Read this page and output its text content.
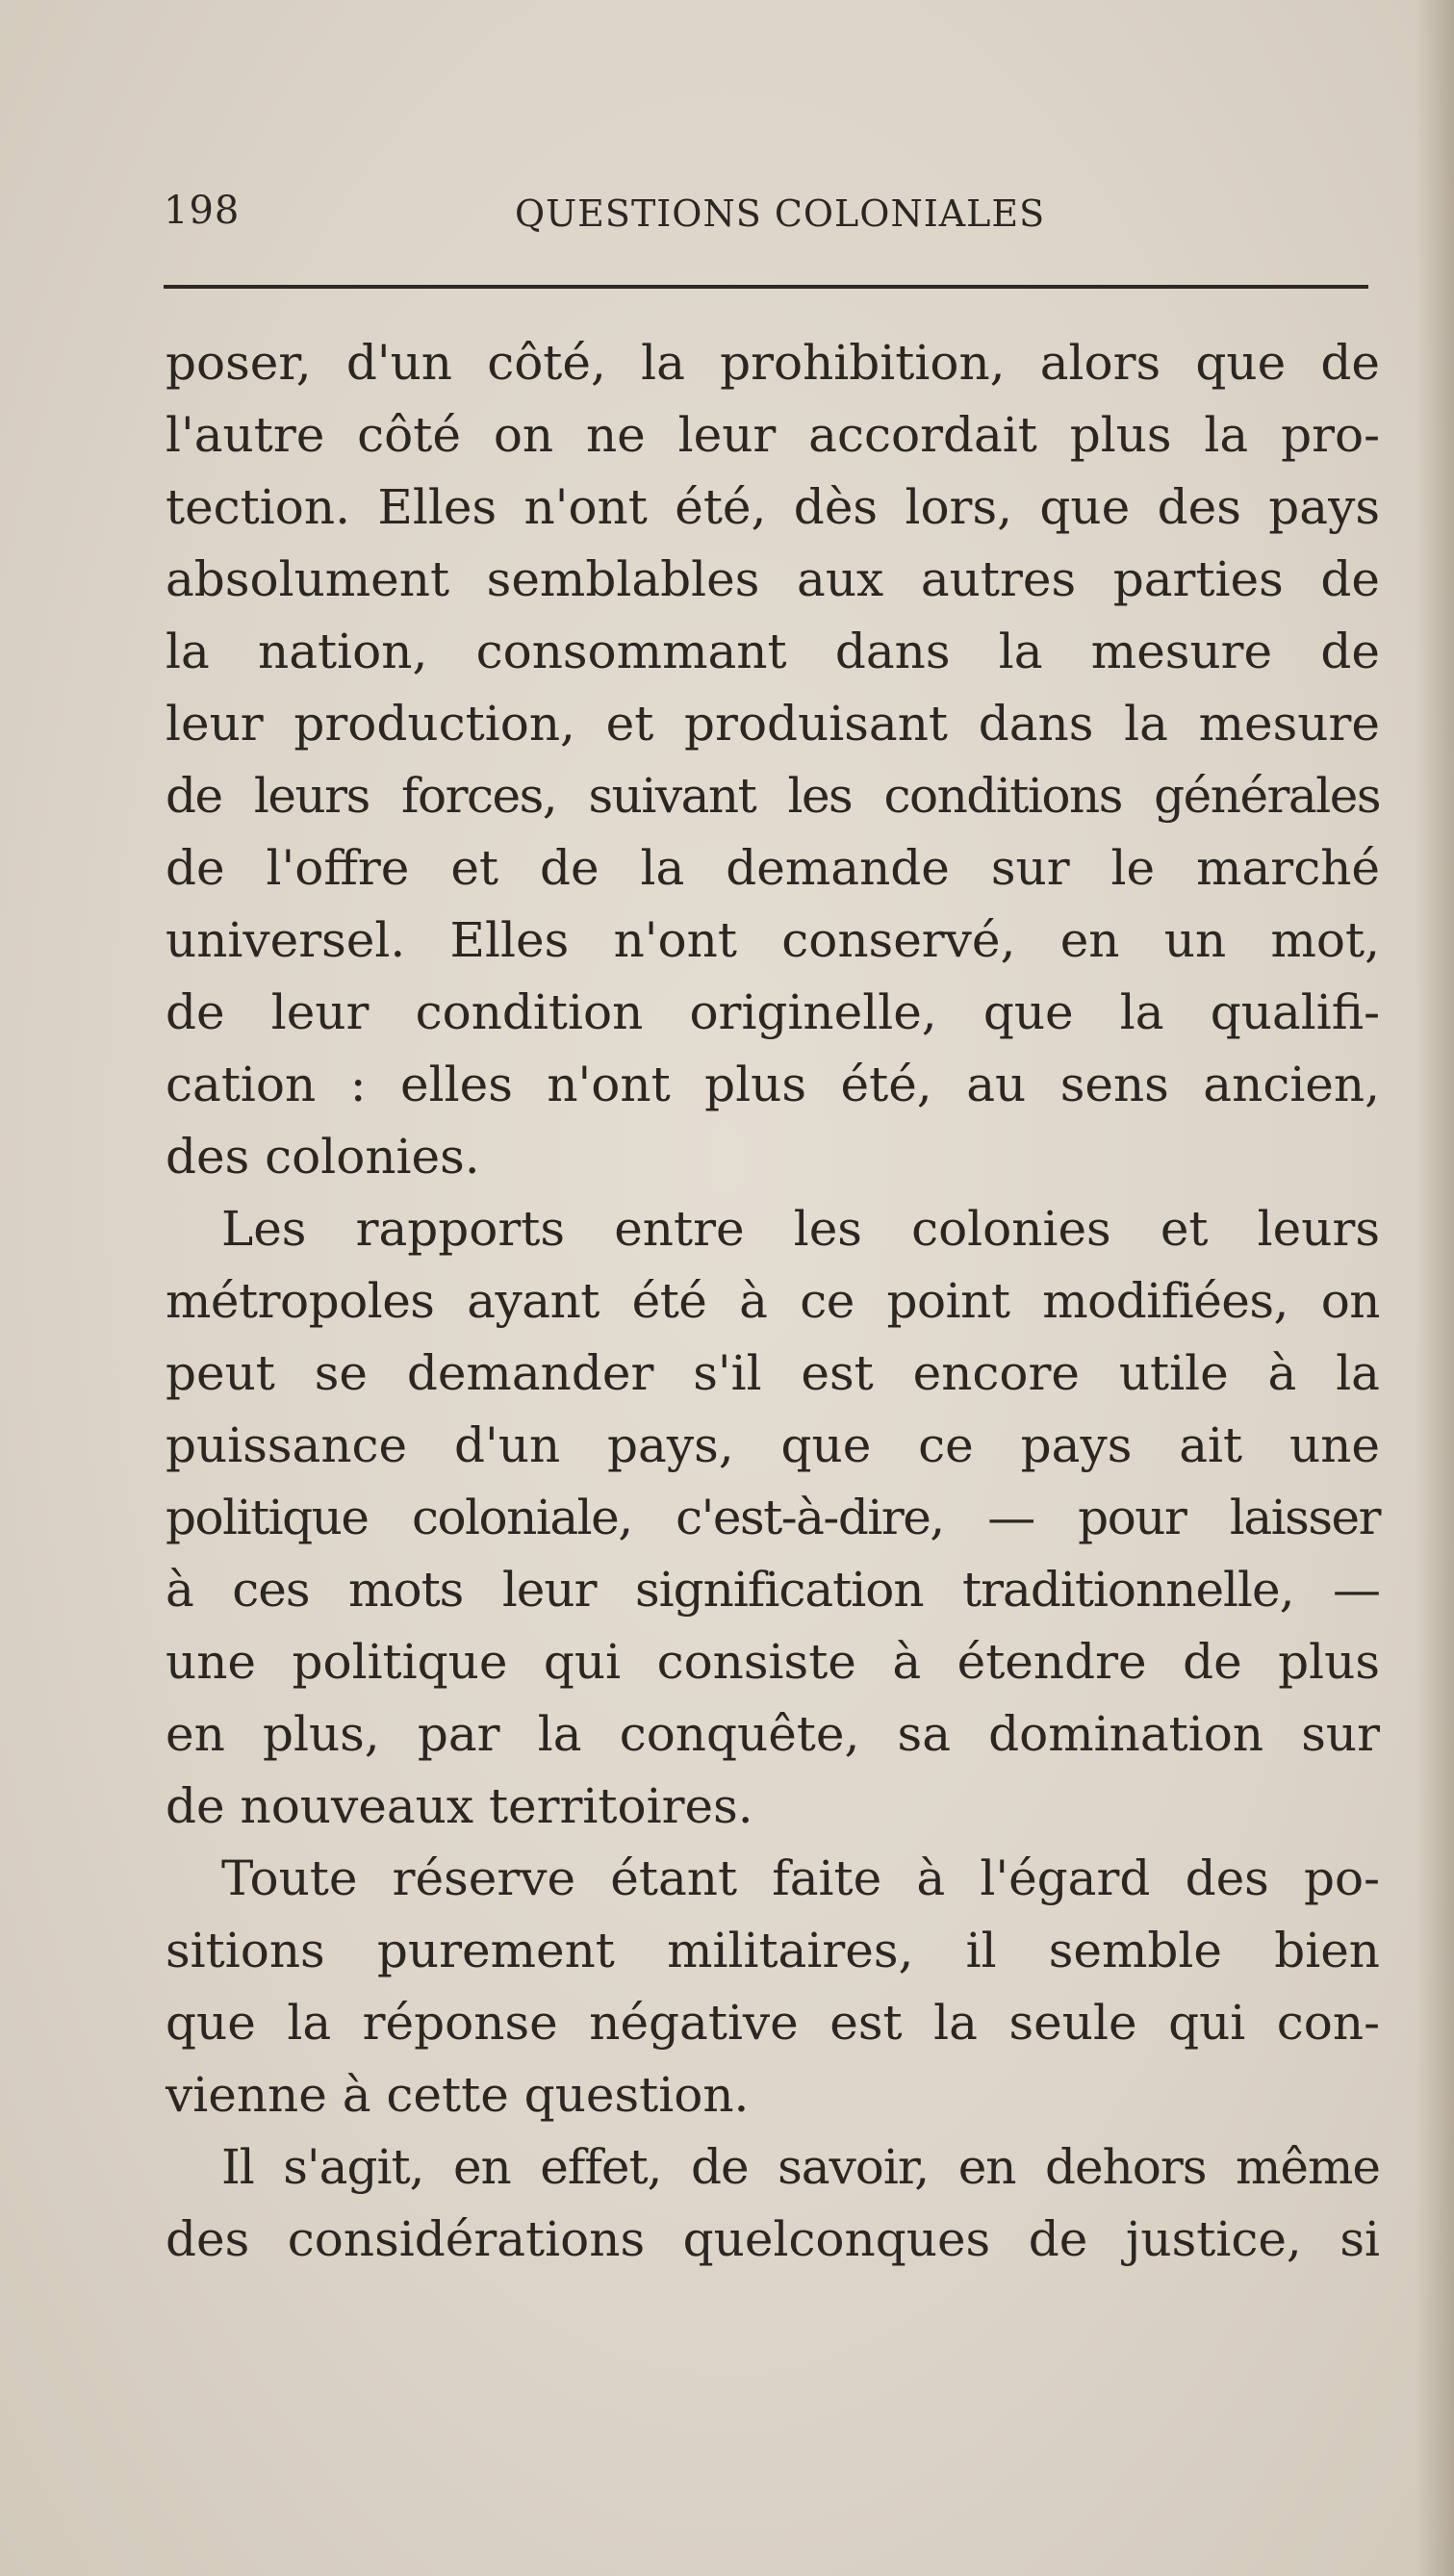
198	QUESTIONS COLONIALES
poser, d'un côté, la prohibition, alors que de
l'autre côté on ne leur accordait plus la pro-
tection. Elles n'ont été, dès lors, que des pays
absolument semblables aux autres parties de
la nation, consommant dans la mesure de
leur production, et produisant dans la mesure
de leurs forces, suivant les conditions générales
de l'offre et de la demande sur le marché
universel. Elles n'ont conservé, en un mot,
de leur condition originelle, que la qualifi-
cation : elles n'ont plus été, au sens ancien,
des colonies.
Les rapports entre les colonies et leurs
métropoles ayant été à ce point modifiées, on
peut se demander s'il est encore utile à la
puissance d'un pays, que ce pays ait une
politique coloniale, c'est-à-dire, — pour laisser
à ces mots leur signification traditionnelle, —
une politique qui consiste à étendre de plus
en plus, par la conquête, sa domination sur
de nouveaux territoires.
Toute réserve étant faite à l'égard des po-
sitions purement militaires, il semble bien
que la réponse négative est la seule qui con-
vienne à cette question.
Il s'agit, en effet, de savoir, en dehors même
des considérations quelconques de justice, si
